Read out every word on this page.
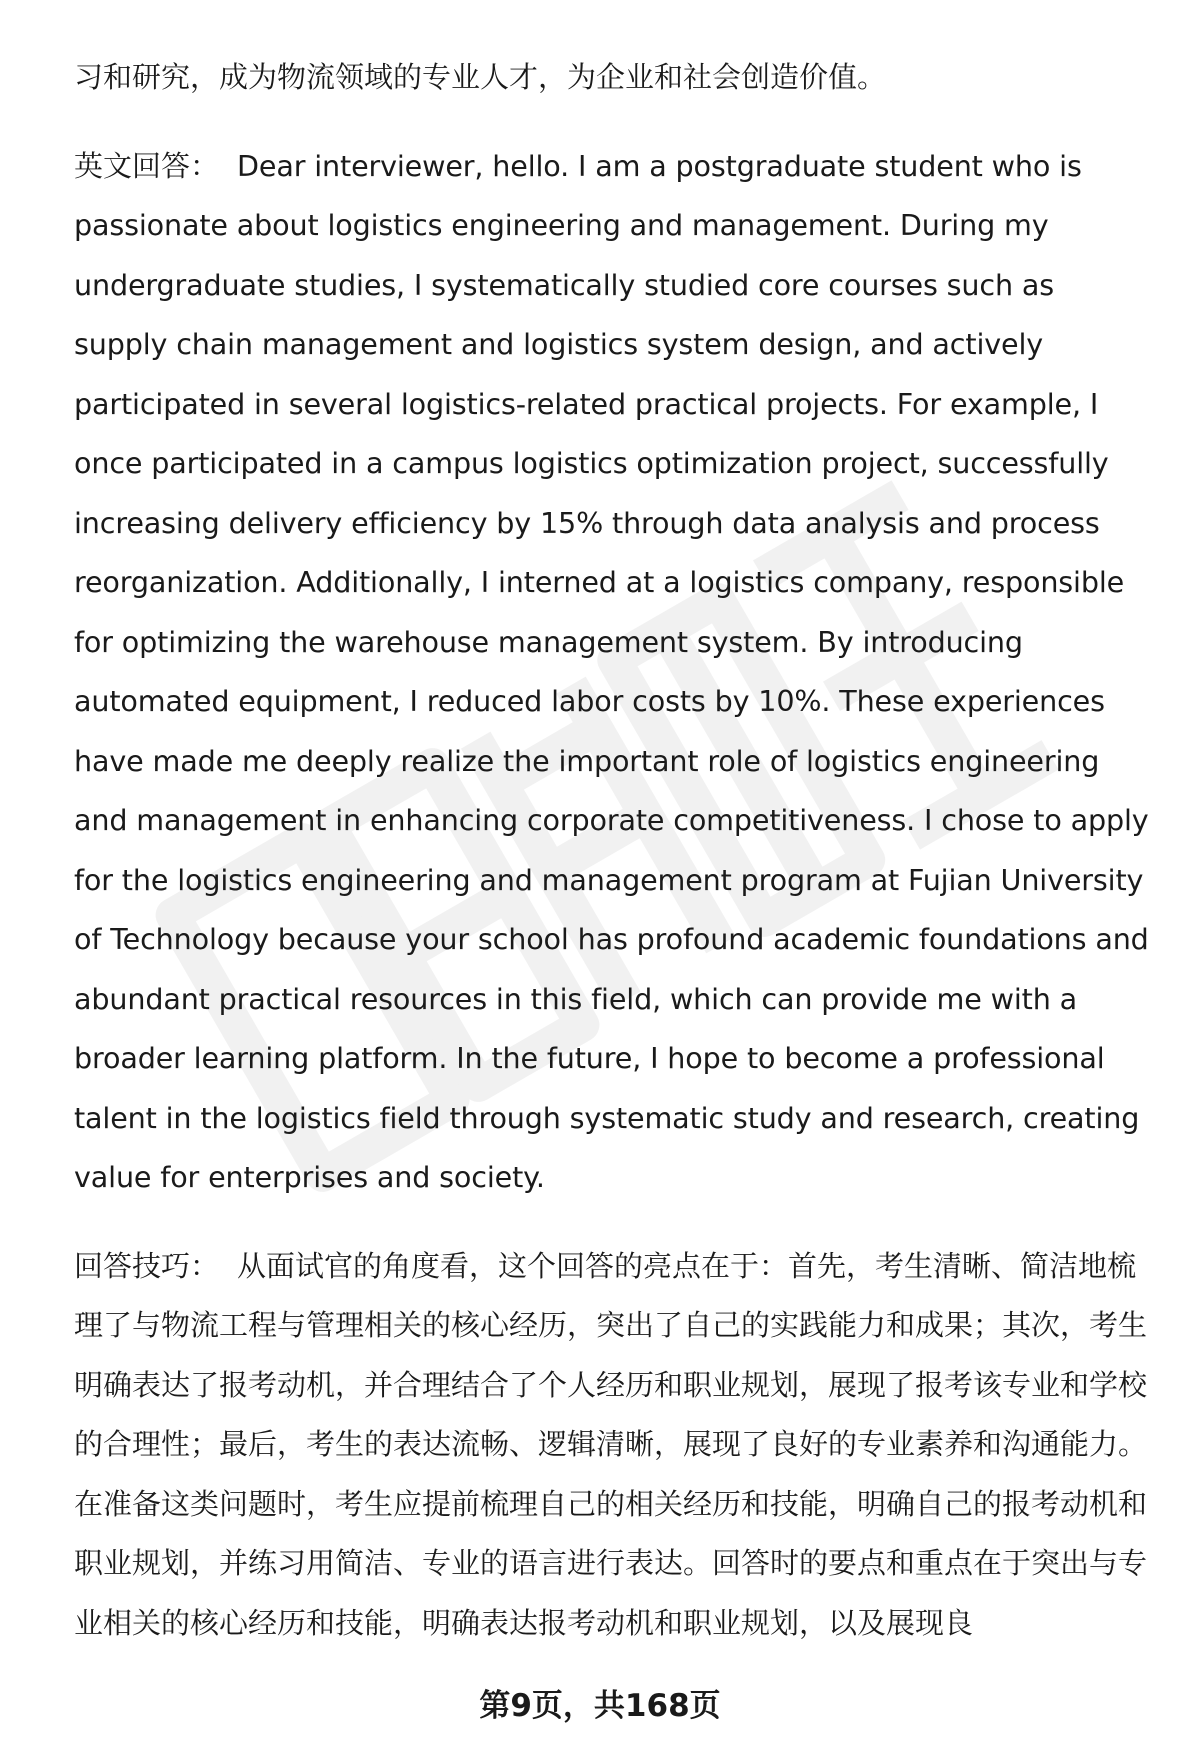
习和研究，成为物流领域的专业人才，为企业和社会创造价值。

英文回答： Dear interviewer, hello. I am a postgraduate student who is passionate about logistics engineering and management. During my undergraduate studies, I systematically studied core courses such as supply chain management and logistics system design, and actively participated in several logistics-related practical projects. For example, I once participated in a campus logistics optimization project, successfully increasing delivery efficiency by 15% through data analysis and process reorganization. Additionally, I interned at a logistics company, responsible for optimizing the warehouse management system. By introducing automated equipment, I reduced labor costs by 10%. These experiences have made me deeply realize the important role of logistics engineering and management in enhancing corporate competitiveness. I chose to apply for the logistics engineering and management program at Fujian University of Technology because your school has profound academic foundations and abundant practical resources in this field, which can provide me with a broader learning platform. In the future, I hope to become a professional talent in the logistics field through systematic study and research, creating value for enterprises and society.

回答技巧： 从面试官的角度看，这个回答的亮点在于：首先，考生清晰、简洁地梳理了与物流工程与管理相关的核心经历，突出了自己的实践能力和成果；其次，考生明确表达了报考动机，并合理结合了个人经历和职业规划，展现了报考该专业和学校的合理性；最后，考生的表达流畅、逻辑清晰，展现了良好的专业素养和沟通能力。在准备这类问题时，考生应提前梳理自己的相关经历和技能，明确自己的报考动机和职业规划，并练习用简洁、专业的语言进行表达。回答时的要点和重点在于突出与专业相关的核心经历和技能，明确表达报考动机和职业规划，以及展现良

第9页，共168页
